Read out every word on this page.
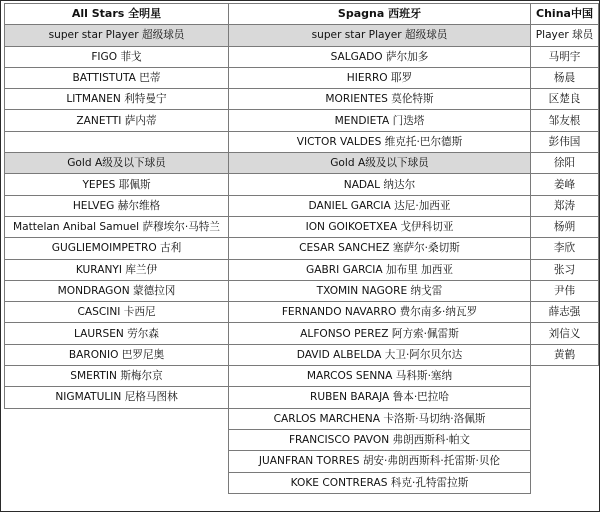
All Stars 全明星	Spagna 西班牙	China中国
super star Player 超级球员	super star Player 超级球员	Player 球员
FIGO 菲戈	SALGADO 萨尔加多	马明宇
BATTISTUTA 巴蒂	HIERRO 耶罗	杨晨
LITMANEN 利特曼宁	MORIENTES 莫伦特斯	区楚良
ZANETTI 萨内蒂	MENDIETA 门迭塔	邹友根
	VICTOR VALDES 维克托·巴尔德斯	彭伟国
Gold A级及以下球员	Gold A级及以下球员	徐阳
YEPES 耶佩斯	NADAL 纳达尔	姜峰
HELVEG 赫尔维格	DANIEL GARCIA 达尼·加西亚	郑涛
Mattelan Anibal Samuel 萨穆埃尔·马特兰	ION GOIKOETXEA 戈伊科切亚	杨朔
GUGLIEMOIMPETRO 古利	CESAR SANCHEZ 塞萨尔·桑切斯	李欣
KURANYI 库兰伊	GABRI GARCIA 加布里 加西亚	张习
MONDRAGON 蒙德拉冈	TXOMIN NAGORE 纳戈雷	尹伟
CASCINI 卡西尼	FERNANDO NAVARRO 费尔南多·纳瓦罗	薛志强
LAURSEN 劳尔森	ALFONSO PEREZ 阿方索·佩雷斯	刘信义
BARONIO 巴罗尼奥	DAVID ALBELDA 大卫·阿尔贝尔达	黄鹤
SMERTIN 斯梅尔京	MARCOS SENNA 马科斯·塞纳	
NIGMATULIN 尼格马图林	RUBEN BARAJA 鲁本·巴拉哈	
	CARLOS MARCHENA 卡洛斯·马切纳·洛佩斯	
	FRANCISCO PAVON 弗朗西斯科·帕文	
	JUANFRAN TORRES 胡安·弗朗西斯科·托雷斯·贝伦	
	KOKE CONTRERAS 科克·孔特雷拉斯	
